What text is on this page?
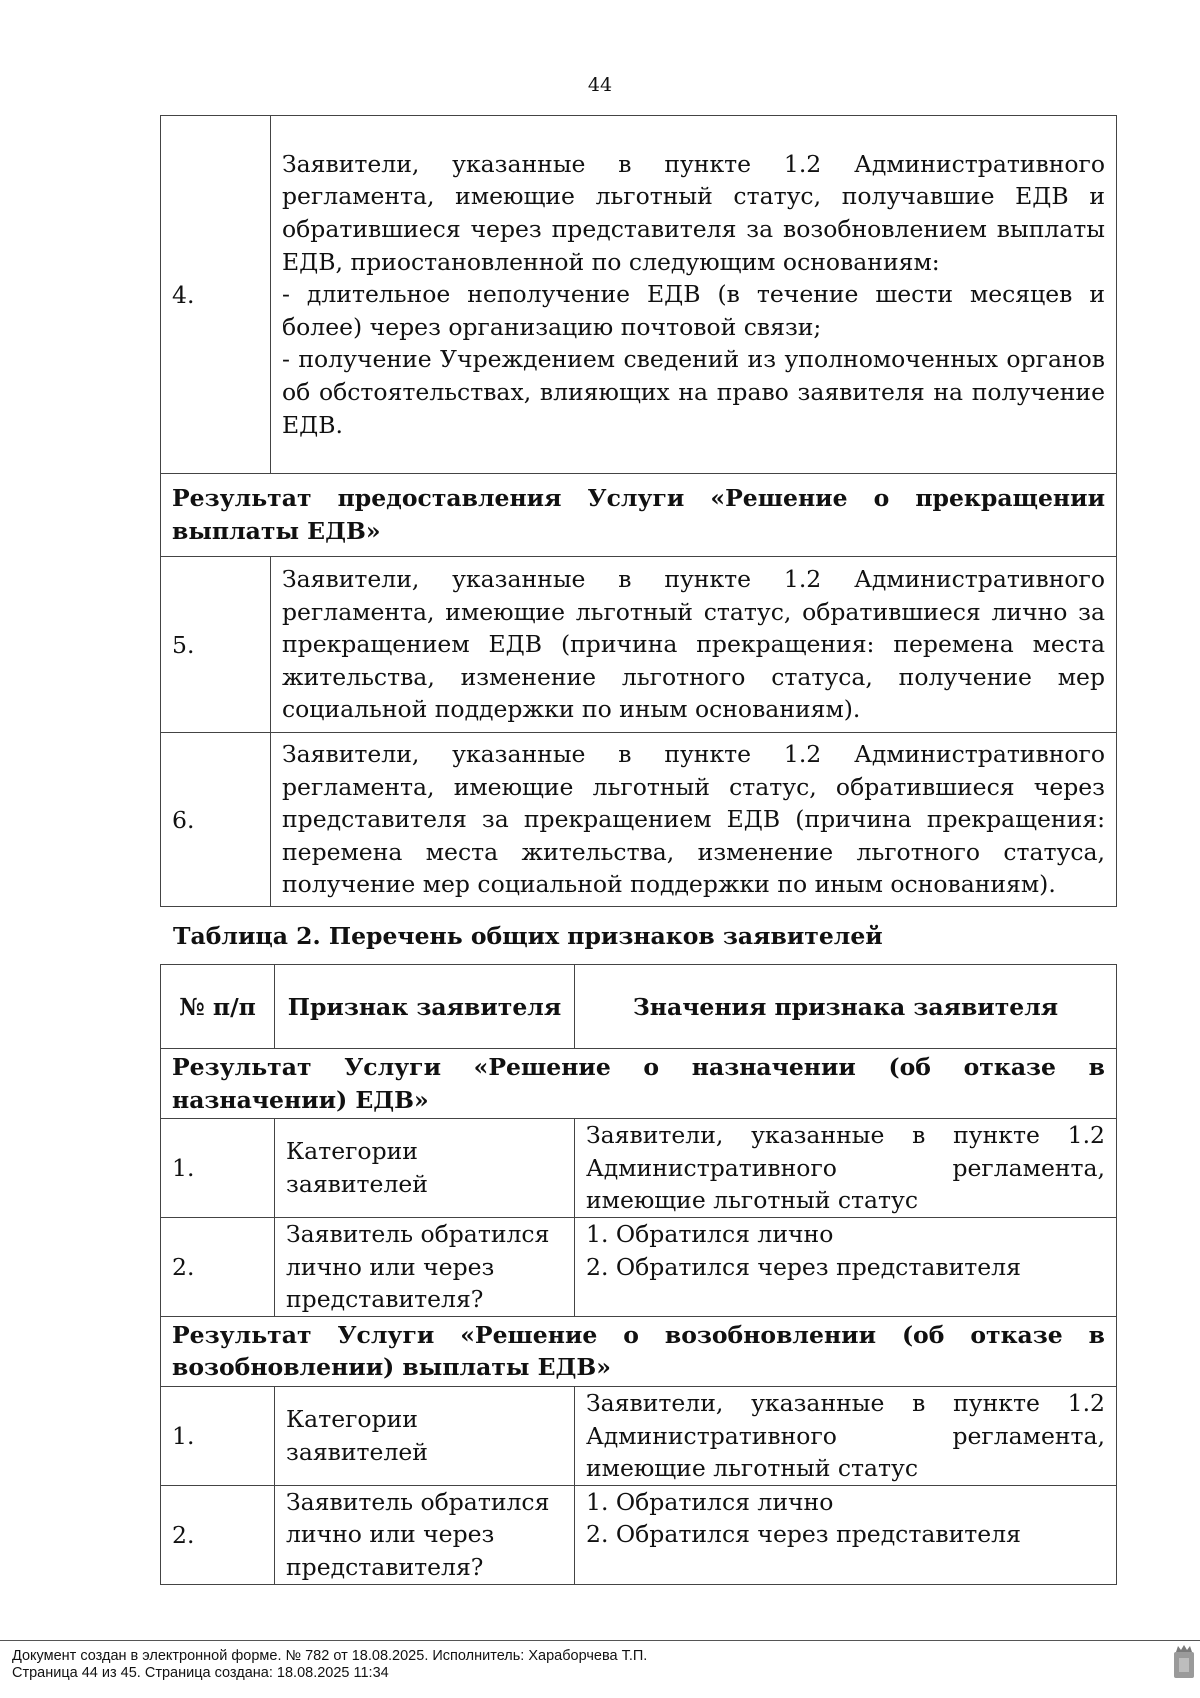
44
4.	Заявители, указанные в пункте 1.2 Административного регламента, имеющие льготный статус, получавшие ЕДВ и обратившиеся через представителя за возобновлением выплаты ЕДВ, приостановленной по следующим основаниям:
- длительное неполучение ЕДВ (в течение шести месяцев и более) через организацию почтовой связи;
- получение Учреждением сведений из уполномоченных органов об обстоятельствах, влияющих на право заявителя на получение ЕДВ.

Результат предоставления Услуги «Решение о прекращении выплаты ЕДВ»	
5.	Заявители, указанные в пункте 1.2 Административного регламента, имеющие льготный статус, обратившиеся лично за прекращением ЕДВ (причина прекращения: перемена места жительства, изменение льготного статуса, получение мер социальной поддержки по иным основаниям).
6.	Заявители, указанные в пункте 1.2 Административного регламента, имеющие льготный статус, обратившиеся через представителя за прекращением ЕДВ (причина прекращения: перемена места жительства, изменение льготного статуса, получение мер социальной поддержки по иным основаниям).
Таблица 2. Перечень общих признаков заявителей
№ п/п	Признак заявителя	Значения признака заявителя
Результат Услуги «Решение о назначении (об отказе в назначении) ЕДВ»		
1.	Категории заявителей	Заявители, указанные в пункте 1.2 Административного регламента, имеющие льготный статус
2.	Заявитель обратился лично или через представителя?	1. Обратился лично
2. Обратился через представителя

Результат Услуги «Решение о возобновлении (об отказе в возобновлении) выплаты ЕДВ»		
1.	Категории заявителей	Заявители, указанные в пункте 1.2 Административного регламента, имеющие льготный статус
2.	Заявитель обратился лично или через представителя?	1. Обратился лично
2. Обратился через представителя
Документ создан в электронной форме. № 782 от 18.08.2025. Исполнитель: Хараборчева Т.П.
Страница 44 из 45. Страница создана: 18.08.2025 11:34
